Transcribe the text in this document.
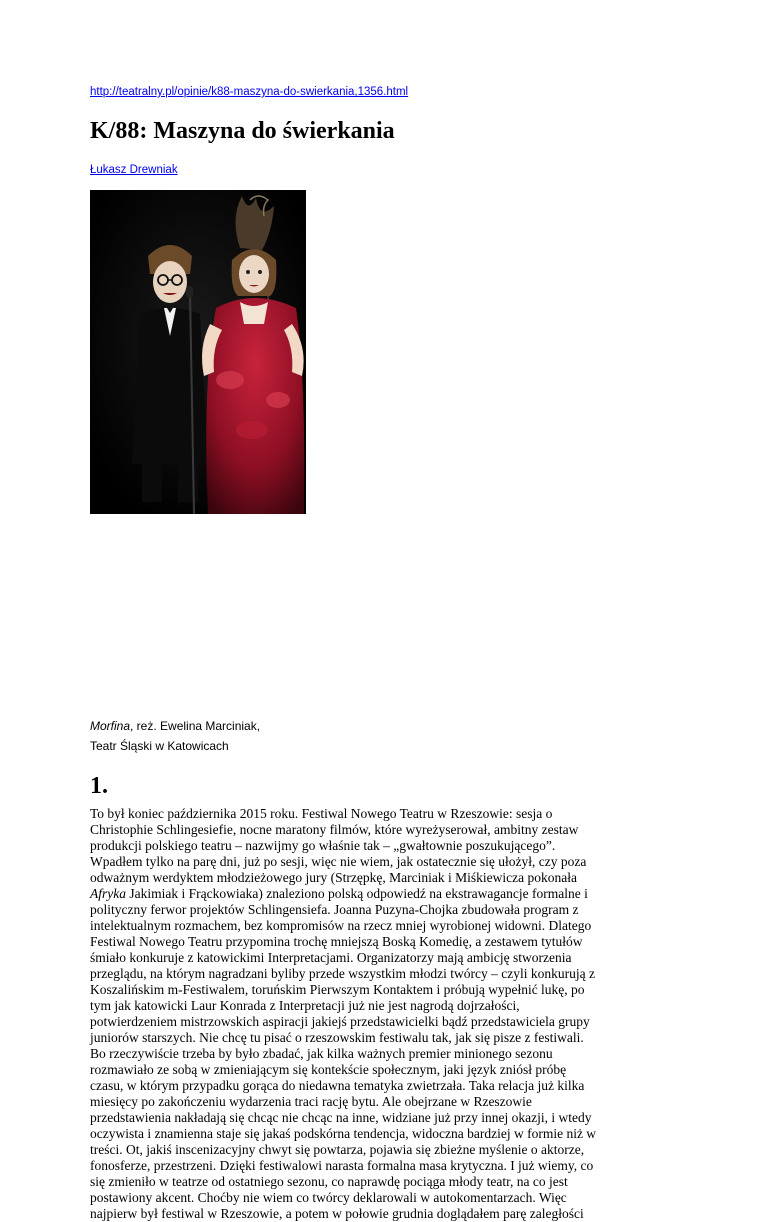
http://teatralny.pl/opinie/k88-maszyna-do-swierkania,1356.html
K/88: Maszyna do świerkania
Łukasz Drewniak
Morfina, reż. Ewelina Marciniak,
Teatr Śląski w Katowicach
1.
To był koniec października 2015 roku. Festiwal Nowego Teatru w Rzeszowie: sesja o
Christophie Schlingesiefie, nocne maratony filmów, które wyreżyserował, ambitny zestaw
produkcji polskiego teatru – nazwijmy go właśnie tak – „gwałtownie poszukującego”.
Wpadłem tylko na parę dni, już po sesji, więc nie wiem, jak ostatecznie się ułożył, czy poza
odważnym werdyktem młodzieżowego jury (Strzępkę, Marciniak i Miśkiewicza pokonała
Afryka Jakimiak i Frąckowiaka) znaleziono polską odpowiedź na ekstrawagancje formalne i
polityczny ferwor projektów Schlingensiefa. Joanna Puzyna-Chojka zbudowała program z
intelektualnym rozmachem, bez kompromisów na rzecz mniej wyrobionej widowni. Dlatego
Festiwal Nowego Teatru przypomina trochę mniejszą Boską Komedię, a zestawem tytułów
śmiało konkuruje z katowickimi Interpretacjami. Organizatorzy mają ambicję stworzenia
przeglądu, na którym nagradzani byliby przede wszystkim młodzi twórcy – czyli konkurują z
Koszalińskim m-Festiwalem, toruńskim Pierwszym Kontaktem i próbują wypełnić lukę, po
tym jak katowicki Laur Konrada z Interpretacji już nie jest nagrodą dojrzałości,
potwierdzeniem mistrzowskich aspiracji jakiejś przedstawicielki bądź przedstawiciela grupy
juniorów starszych. Nie chcę tu pisać o rzeszowskim festiwalu tak, jak się pisze z festiwali.
Bo rzeczywiście trzeba by było zbadać, jak kilka ważnych premier minionego sezonu
rozmawiało ze sobą w zmieniającym się kontekście społecznym, jaki język zniósł próbę
czasu, w którym przypadku gorąca do niedawna tematyka zwietrzała. Taka relacja już kilka
miesięcy po zakończeniu wydarzenia traci rację bytu. Ale obejrzane w Rzeszowie
przedstawienia nakładają się chcąc nie chcąc na inne, widziane już przy innej okazji, i wtedy
oczywista i znamienna staje się jakaś podskórna tendencja, widoczna bardziej w formie niż w
treści. Ot, jakiś inscenizacyjny chwyt się powtarza, pojawia się zbieżne myślenie o aktorze,
fonosferze, przestrzeni. Dzięki festiwalowi narasta formalna masa krytyczna. I już wiemy, co
się zmieniło w teatrze od ostatniego sezonu, co naprawdę pociąga młody teatr, na co jest
postawiony akcent. Choćby nie wiem co twórcy deklarowali w autokomentarzach. Więc
najpierw był festiwal w Rzeszowie, a potem w połowie grudnia doglądałem parę zaległości
